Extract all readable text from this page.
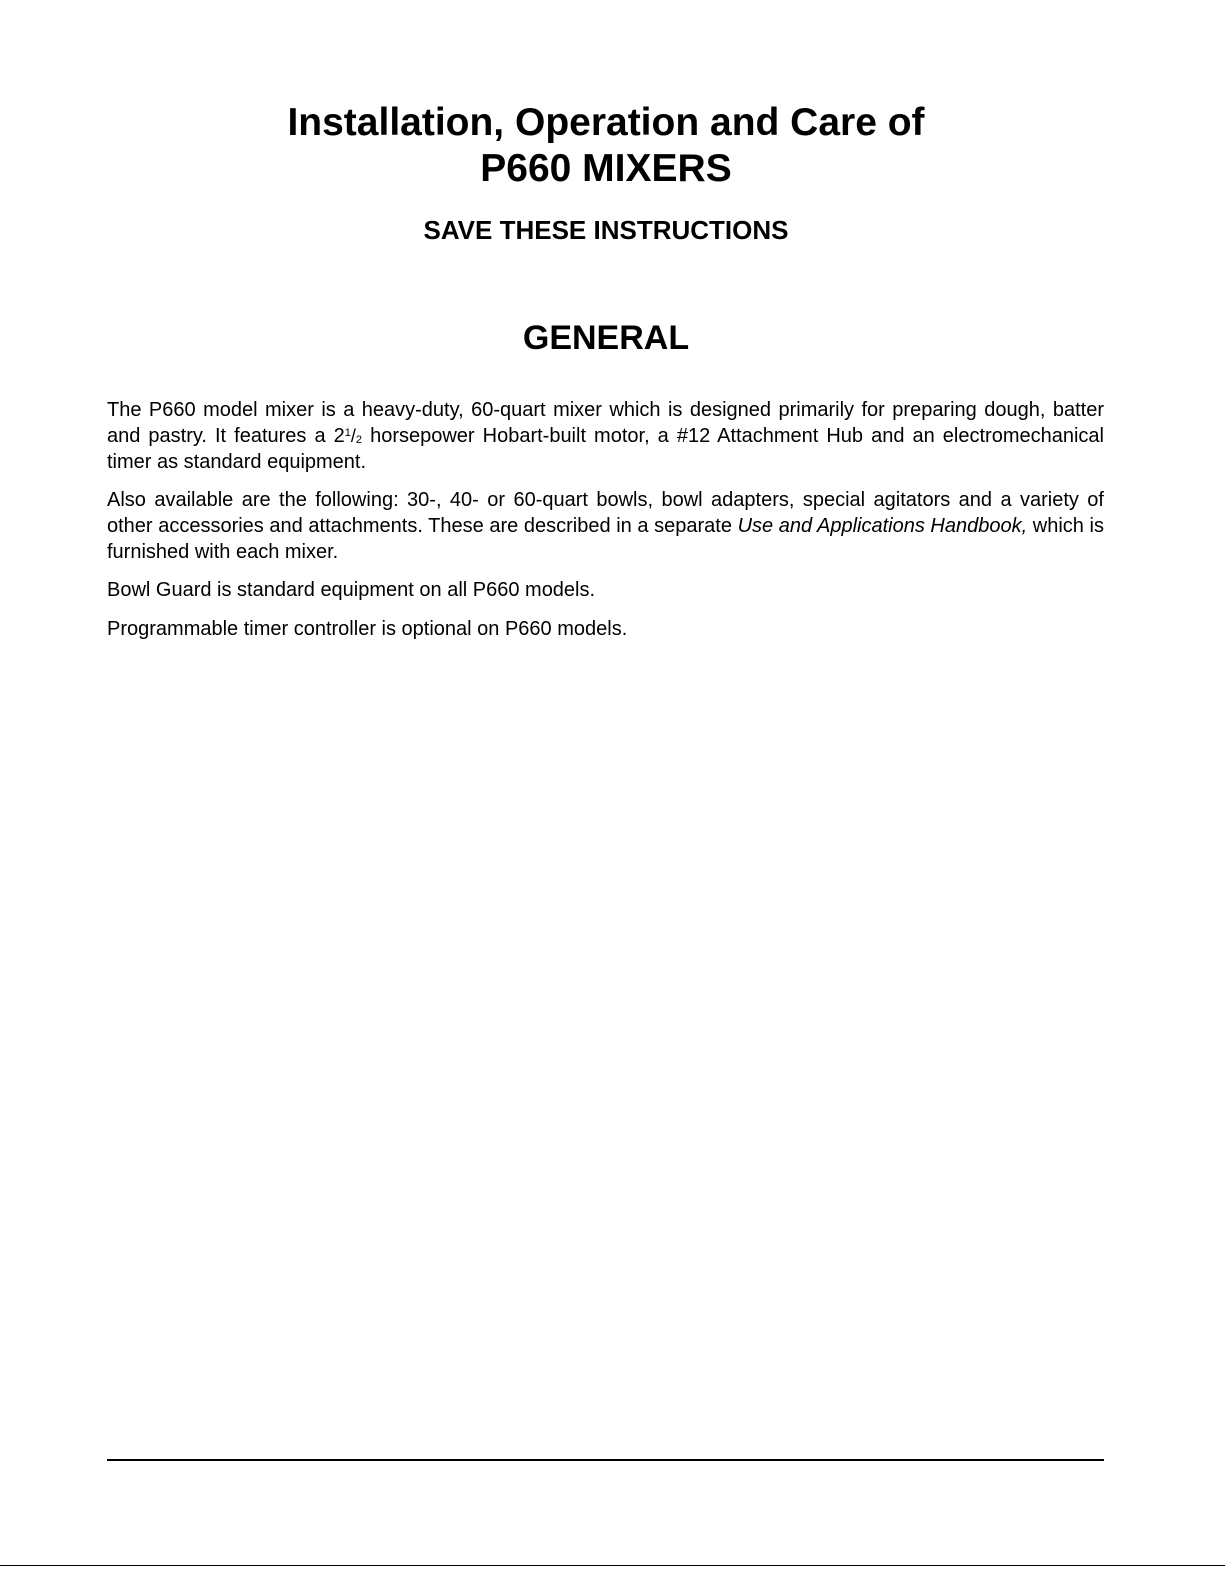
Installation, Operation and Care of

P660 MIXERS

SAVE THESE INSTRUCTIONS
GENERAL

The P660 model mixer is a heavy-duty, 60-quart mixer which is designed primarily for preparing dough, batter and pastry. It features a $2^1/_2$ horsepower Hobart-built motor, a #12 Attachment Hub and an electromechanical timer as standard equipment.

Also available are the following: 30-, 40- or 60-quart bowls, bowl adapters, special agitators and a variety of other accessories and attachments. These are described in a separate Use and Applications Handbook, which is furnished with each mixer.

Bowl Guard is standard equipment on all P660 models.

Programmable timer controller is optional on P660 models.
